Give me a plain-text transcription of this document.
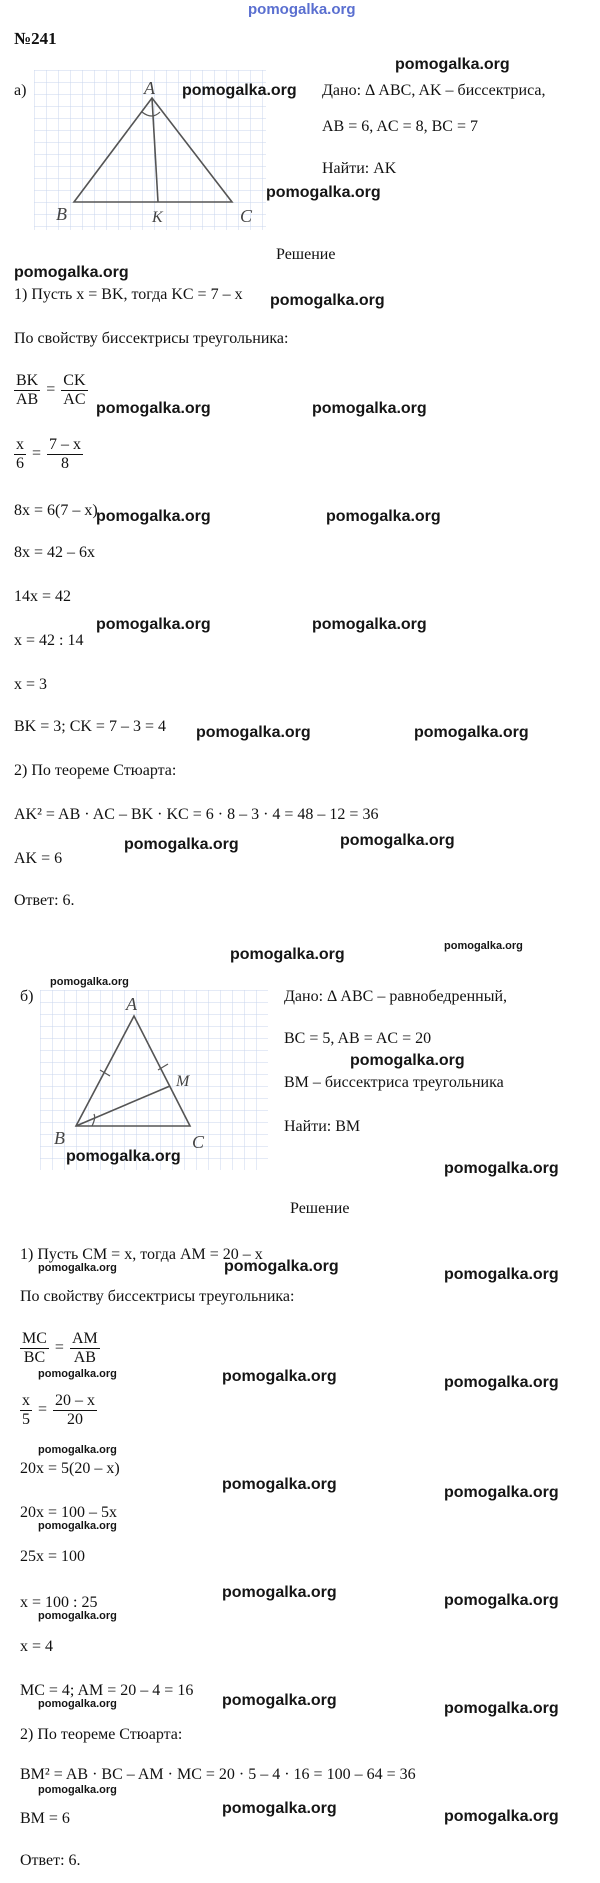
pomogalka.org
№241
а)	A
B	K	C
pomogalka.org
pomogalka.org Дано: Δ ABC, AK – биссектриса,
AB = 6, AC = 8, BC = 7
Найти: AK
pomogalka.org
Решение
pomogalka.org
1) Пусть x = BK, тогда KC = 7 – x pomogalka.org
По свойству биссектрисы треугольника:
$\frac{BK}{AB} = \frac{CK}{AC}$
pomogalka.org	pomogalka.org
$\frac{x}{6} = \frac{7 - x}{8}$
8x = 6(7 – x)
pomogalka.org	pomogalka.org
8x = 42 – 6x
14x = 42
x = 42 : 14
pomogalka.org	pomogalka.org
x = 3
BK = 3; CK = 7 – 3 = 4 pomogalka.org	pomogalka.org
2) По теореме Стюарта:
AK² = AB · AC – BK · KC = 6 · 8 – 3 · 4 = 48 – 12 = 36
pomogalka.org	pomogalka.org
AK = 6
Ответ: 6.
pomogalka.org	pomogalka.org
б)
pomogalka.org
A
B
M
C
Дано: Δ ABC – равнобедренный,
BC = 5, AB = AC = 20
pomogalka.org
BM – биссектриса треугольника
Найти: BM
pomogalka.org
pomogalka.org
Решение
1) Пусть CM = x, тогда AM = 20 – x
pomogalka.org	pomogalka.org	pomogalka.org
По свойству биссектрисы треугольника:
$\frac{MC}{BC} = \frac{AM}{AB}$
pomogalka.org	pomogalka.org	pomogalka.org
$\frac{x}{5} = \frac{20 - x}{20}$
pomogalka.org
20x = 5(20 – x)
pomogalka.org	pomogalka.org
20x = 100 – 5x
pomogalka.org
25x = 100
x = 100 : 25
pomogalka.org	pomogalka.org
pomogalka.org
x = 4
MC = 4; AM = 20 – 4 = 16
pomogalka.org	pomogalka.org	pomogalka.org
2) По теореме Стюарта:
BM² = AB · BC – AM · MC = 20 · 5 – 4 · 16 = 100 – 64 = 36
pomogalka.org
BM = 6
pomogalka.org	pomogalka.org
Ответ: 6.
